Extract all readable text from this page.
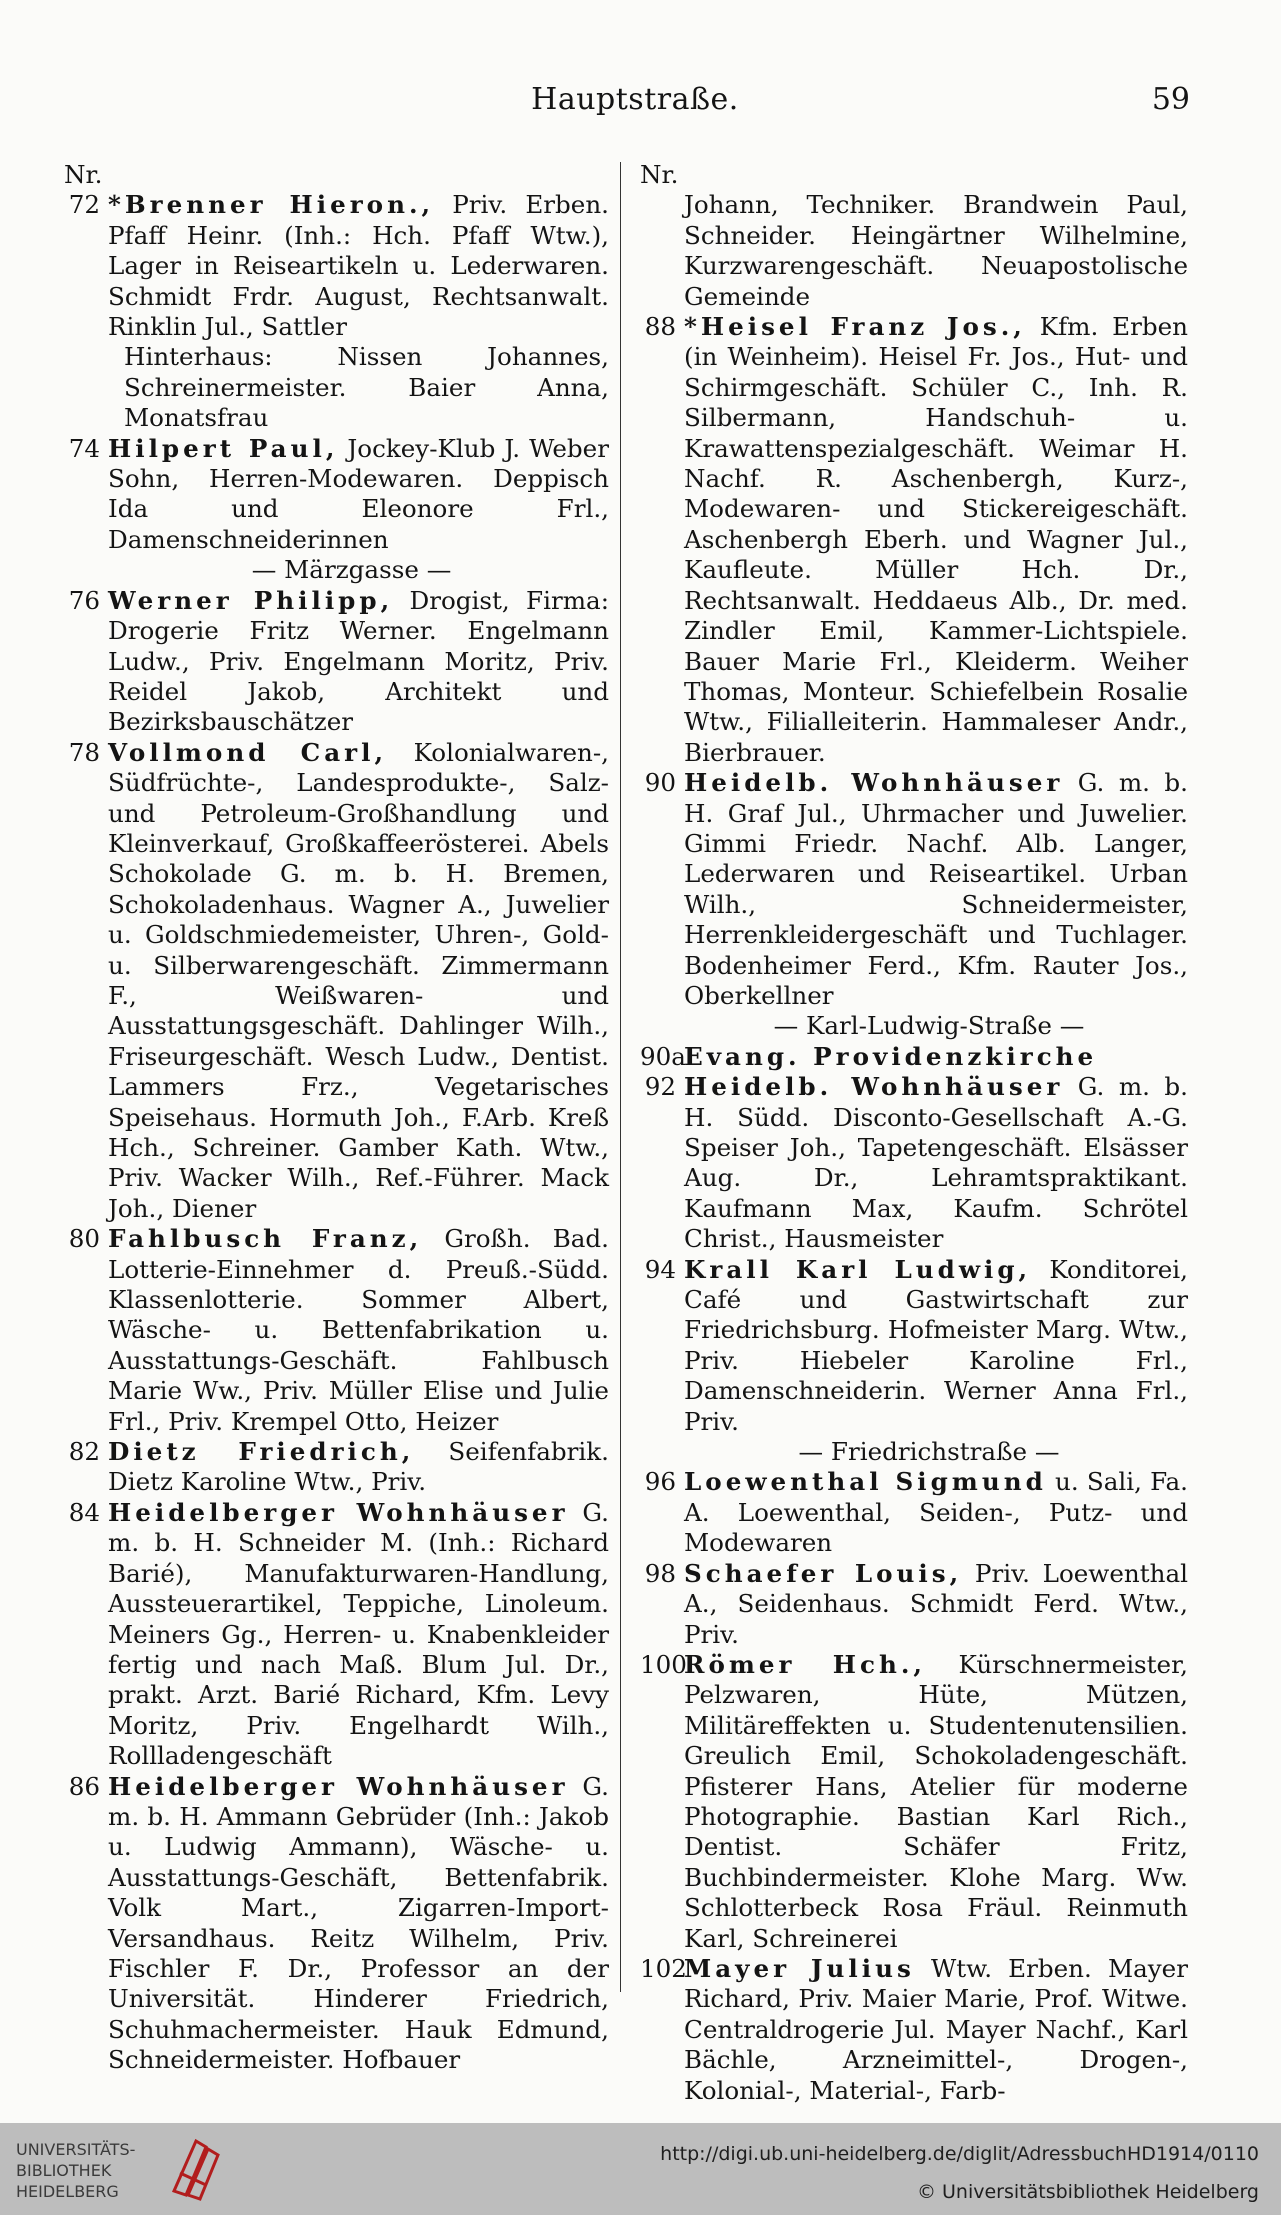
Hauptstraße.	59
Nr.
72 *Brenner Hieron., Priv. Erben. Pfaff Heinr. (Inh.: Hch. Pfaff Wtw.), Lager in Reiseartikeln u. Lederwaren. Schmidt Frdr. August, Rechtsanwalt. Rinklin Jul., Sattler
Hinterhaus: Nissen Johannes, Schreinermeister. Baier Anna, Monatsfrau
74 Hilpert Paul, Jockey-Klub J. Weber Sohn, Herren-Modewaren. Deppisch Ida und Eleonore Frl., Damenschneiderinnen
— Märzgasse —
76 Werner Philipp, Drogist, Firma: Drogerie Fritz Werner. Engelmann Ludw., Priv. Engelmann Moritz, Priv. Reidel Jakob, Architekt und Bezirksbauschätzer
78 Vollmond Carl, Kolonialwaren-, Südfrüchte-, Landesprodukte-, Salz- und Petroleum-Großhandlung und Kleinverkauf, Großkaffeerösterei. Abels Schokolade G. m. b. H. Bremen, Schokoladenhaus. Wagner A., Juwelier u. Goldschmiedemeister, Uhren-, Gold- u. Silberwarengeschäft. Zimmermann F., Weißwaren- und Ausstattungsgeschäft. Dahlinger Wilh., Friseurgeschäft. Wesch Ludw., Dentist. Lammers Frz., Vegetarisches Speisehaus. Hormuth Joh., F.Arb. Kreß Hch., Schreiner. Gamber Kath. Wtw., Priv. Wacker Wilh., Ref.-Führer. Mack Joh., Diener
80 Fahlbusch Franz, Großh. Bad. Lotterie-Einnehmer d. Preuß.-Südd. Klassenlotterie. Sommer Albert, Wäsche- u. Bettenfabrikation u. Ausstattungs-Geschäft. Fahlbusch Marie Ww., Priv. Müller Elise und Julie Frl., Priv. Krempel Otto, Heizer
82 Dietz Friedrich, Seifenfabrik. Dietz Karoline Wtw., Priv.
84 Heidelberger Wohnhäuser G. m. b. H. Schneider M. (Inh.: Richard Barié), Manufakturwaren-Handlung, Aussteuerartikel, Teppiche, Linoleum. Meiners Gg., Herren- u. Knabenkleider fertig und nach Maß. Blum Jul. Dr., prakt. Arzt. Barié Richard, Kfm. Levy Moritz, Priv. Engelhardt Wilh., Rollladengeschäft
86 Heidelberger Wohnhäuser G. m. b. H. Ammann Gebrüder (Inh.: Jakob u. Ludwig Ammann), Wäsche- u. Ausstattungs-Geschäft, Bettenfabrik. Volk Mart., Zigarren-Import-Versandhaus. Reitz Wilhelm, Priv. Fischler F. Dr., Professor an der Universität. Hinderer Friedrich, Schuhmachermeister. Hauk Edmund, Schneidermeister. Hofbauer
Nr.
Johann, Techniker. Brandwein Paul, Schneider. Heingärtner Wilhelmine, Kurzwarengeschäft. Neuapostolische Gemeinde
88 *Heisel Franz Jos., Kfm. Erben (in Weinheim). Heisel Fr. Jos., Hut- und Schirmgeschäft. Schüler C., Inh. R. Silbermann, Handschuh- u. Krawattenspezialgeschäft. Weimar H. Nachf. R. Aschenbergh, Kurz-, Modewaren- und Stickereigeschäft. Aschenbergh Eberh. und Wagner Jul., Kaufleute. Müller Hch. Dr., Rechtsanwalt. Heddaeus Alb., Dr. med. Zindler Emil, Kammer-Lichtspiele. Bauer Marie Frl., Kleiderm. Weiher Thomas, Monteur. Schiefelbein Rosalie Wtw., Filialleiterin. Hammaleser Andr., Bierbrauer.
90 Heidelb. Wohnhäuser G. m. b. H. Graf Jul., Uhrmacher und Juwelier. Gimmi Friedr. Nachf. Alb. Langer, Lederwaren und Reiseartikel. Urban Wilh., Schneidermeister, Herrenkleidergeschäft und Tuchlager. Bodenheimer Ferd., Kfm. Rauter Jos., Oberkellner
— Karl-Ludwig-Straße —
90a
Evang. Providenzkirche
92 Heidelb. Wohnhäuser G. m. b. H. Südd. Disconto-Gesellschaft A.-G. Speiser Joh., Tapetengeschäft. Elsässer Aug. Dr., Lehramtspraktikant. Kaufmann Max, Kaufm. Schrötel Christ., Hausmeister
94 Krall Karl Ludwig, Konditorei, Café und Gastwirtschaft zur Friedrichsburg. Hofmeister Marg. Wtw., Priv. Hiebeler Karoline Frl., Damenschneiderin. Werner Anna Frl., Priv.
— Friedrichstraße —
96 Loewenthal Sigmund u. Sali, Fa. A. Loewenthal, Seiden-, Putz- und Modewaren
98 Schaefer Louis, Priv. Loewenthal A., Seidenhaus. Schmidt Ferd. Wtw., Priv.
100
Römer Hch., Kürschnermeister, Pelzwaren, Hüte, Mützen, Militäreffekten u. Studentenutensilien. Greulich Emil, Schokoladengeschäft. Pfisterer Hans, Atelier für moderne Photographie. Bastian Karl Rich., Dentist. Schäfer Fritz, Buchbindermeister. Klohe Marg. Ww. Schlotterbeck Rosa Fräul. Reinmuth Karl, Schreinerei
102
Mayer Julius Wtw. Erben. Mayer Richard, Priv. Maier Marie, Prof. Witwe. Centraldrogerie Jul. Mayer Nachf., Karl Bächle, Arzneimittel-, Drogen-, Kolonial-, Material-, Farb-
UNIVERSITÄTS-
BIBLIOTHEK
HEIDELBERG
http://digi.ub.uni-heidelberg.de/diglit/AdressbuchHD1914/0110
© Universitätsbibliothek Heidelberg
